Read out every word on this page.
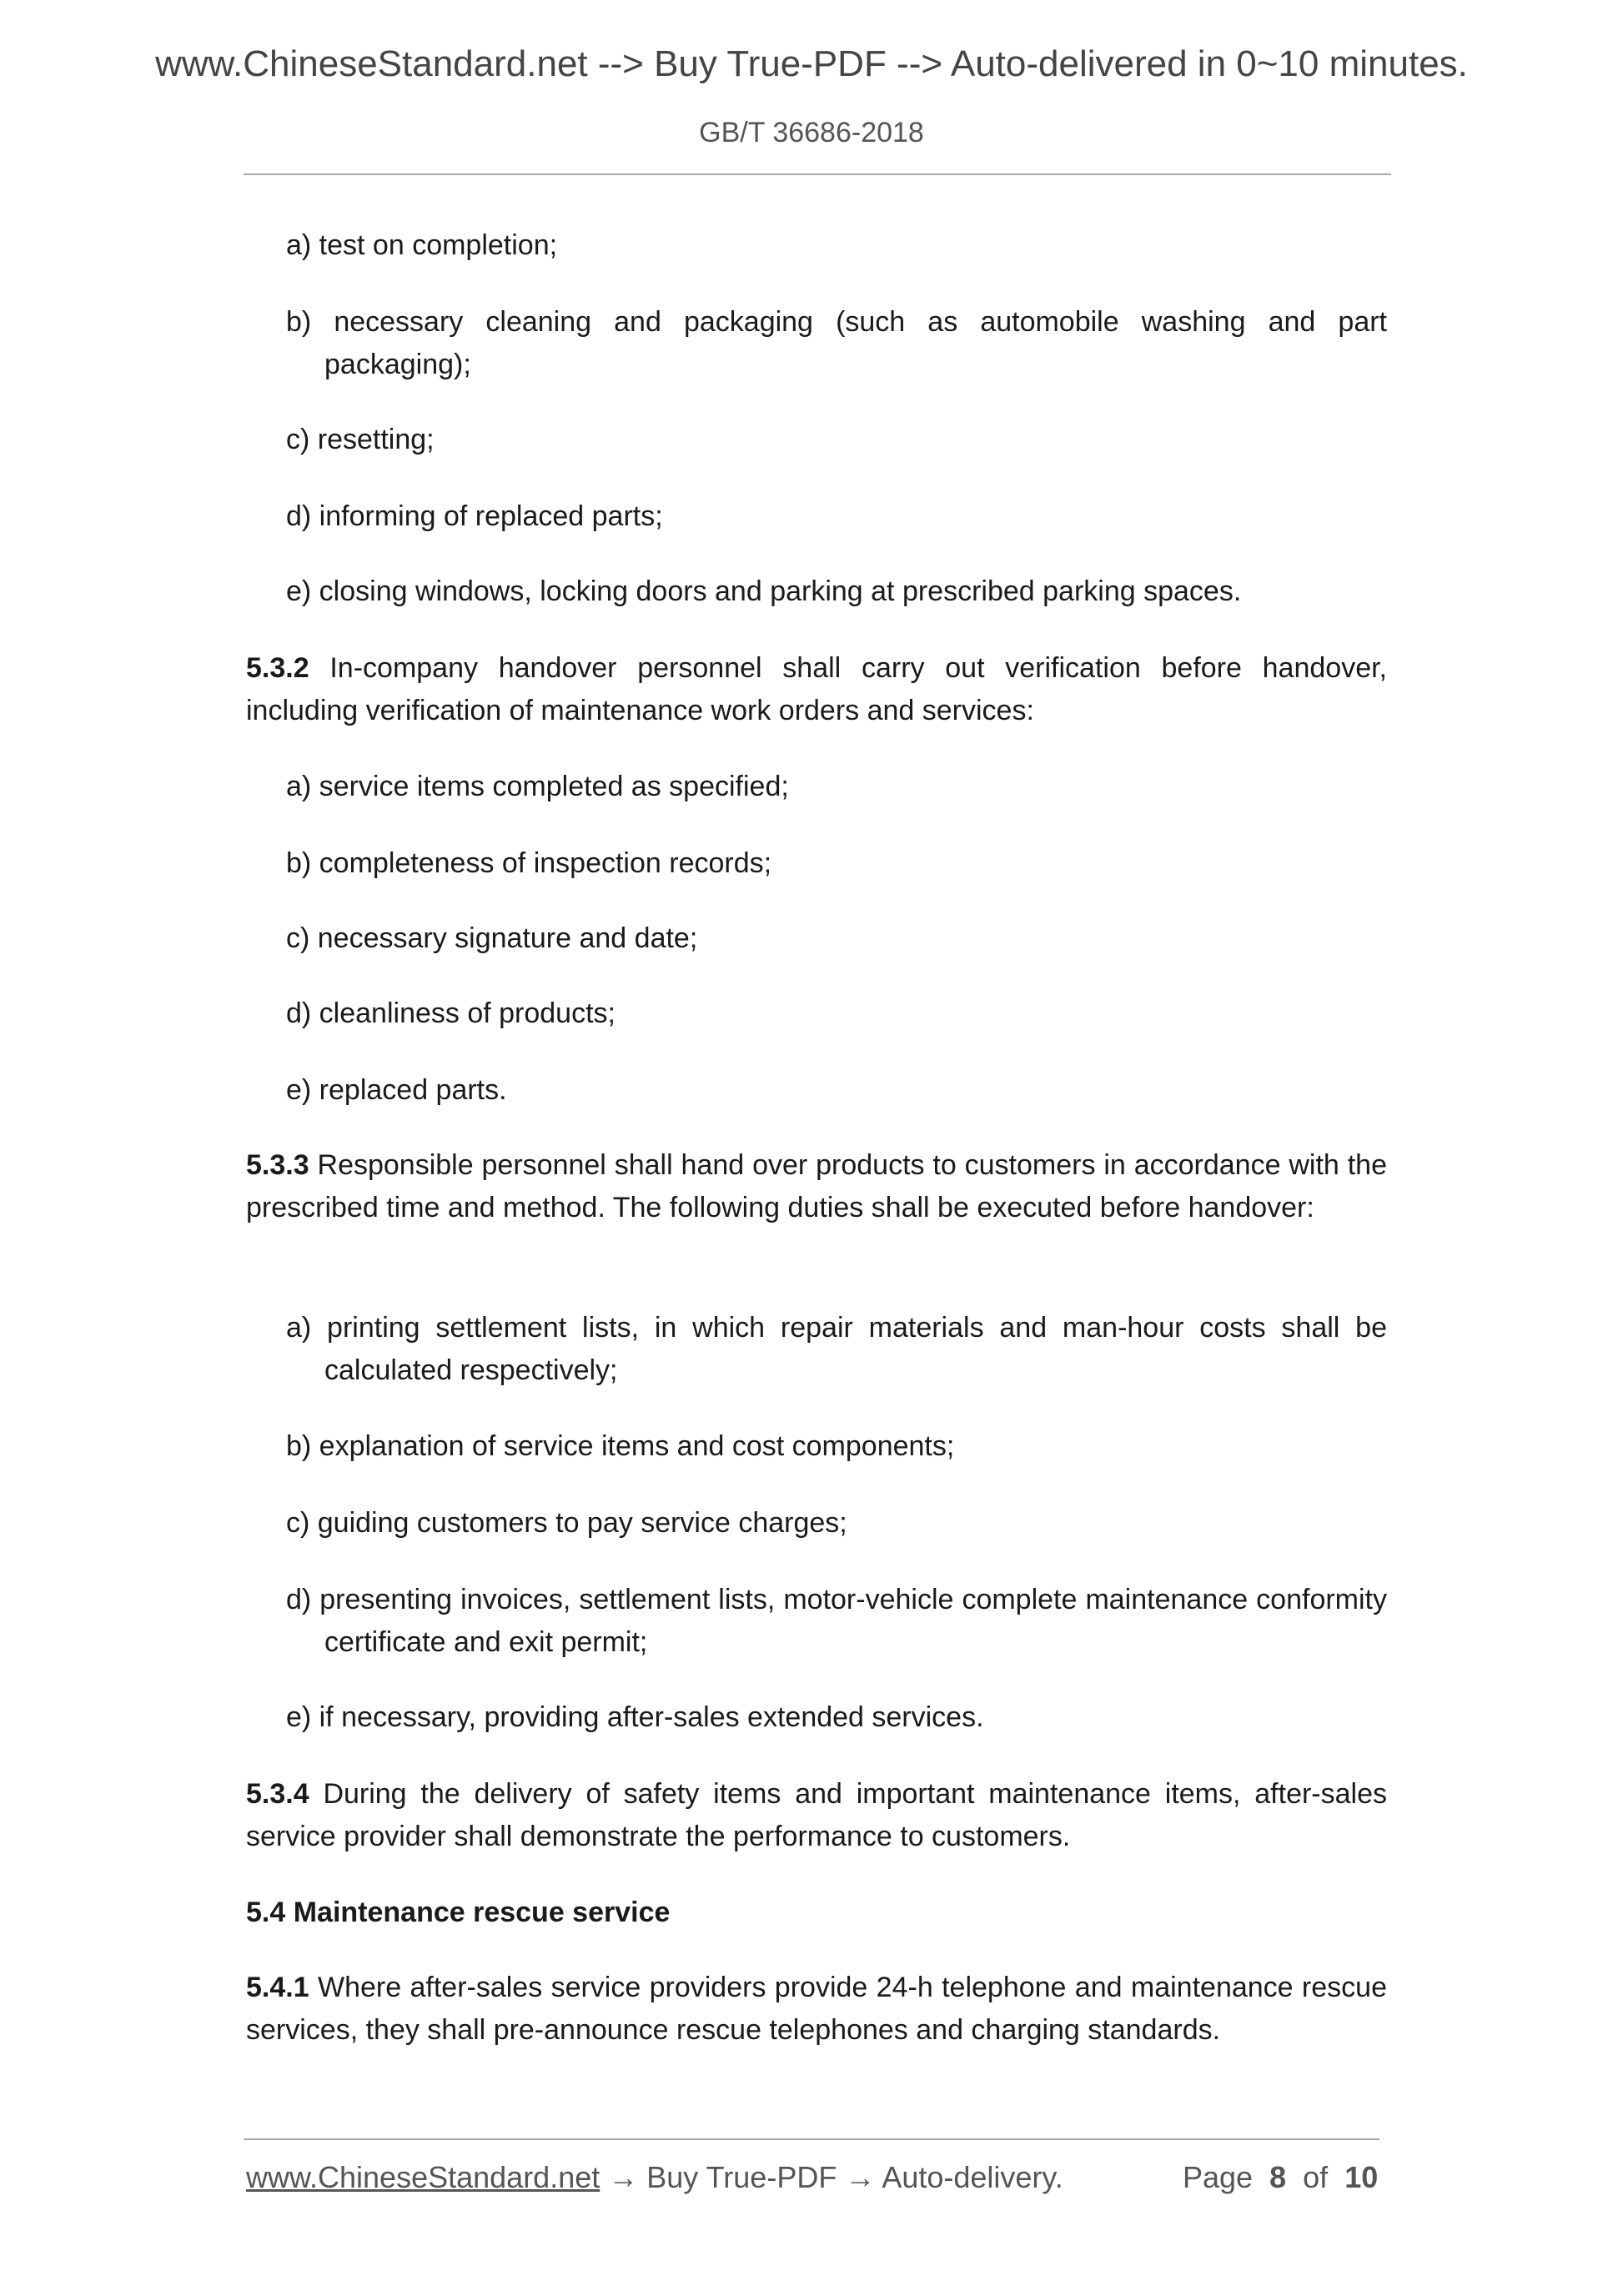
www.ChineseStandard.net --> Buy True-PDF --> Auto-delivered in 0~10 minutes.
GB/T 36686-2018
a) test on completion;
b) necessary cleaning and packaging (such as automobile washing and part packaging);
c) resetting;
d) informing of replaced parts;
e) closing windows, locking doors and parking at prescribed parking spaces.
5.3.2 In-company handover personnel shall carry out verification before handover, including verification of maintenance work orders and services:
a) service items completed as specified;
b) completeness of inspection records;
c) necessary signature and date;
d) cleanliness of products;
e) replaced parts.
5.3.3 Responsible personnel shall hand over products to customers in accordance with the prescribed time and method. The following duties shall be executed before handover:
a) printing settlement lists, in which repair materials and man-hour costs shall be calculated respectively;
b) explanation of service items and cost components;
c) guiding customers to pay service charges;
d) presenting invoices, settlement lists, motor-vehicle complete maintenance conformity certificate and exit permit;
e) if necessary, providing after-sales extended services.
5.3.4 During the delivery of safety items and important maintenance items, after-sales service provider shall demonstrate the performance to customers.
5.4 Maintenance rescue service
5.4.1 Where after-sales service providers provide 24-h telephone and maintenance rescue services, they shall pre-announce rescue telephones and charging standards.
www.ChineseStandard.net → Buy True-PDF → Auto-delivery.	Page 8 of 10
